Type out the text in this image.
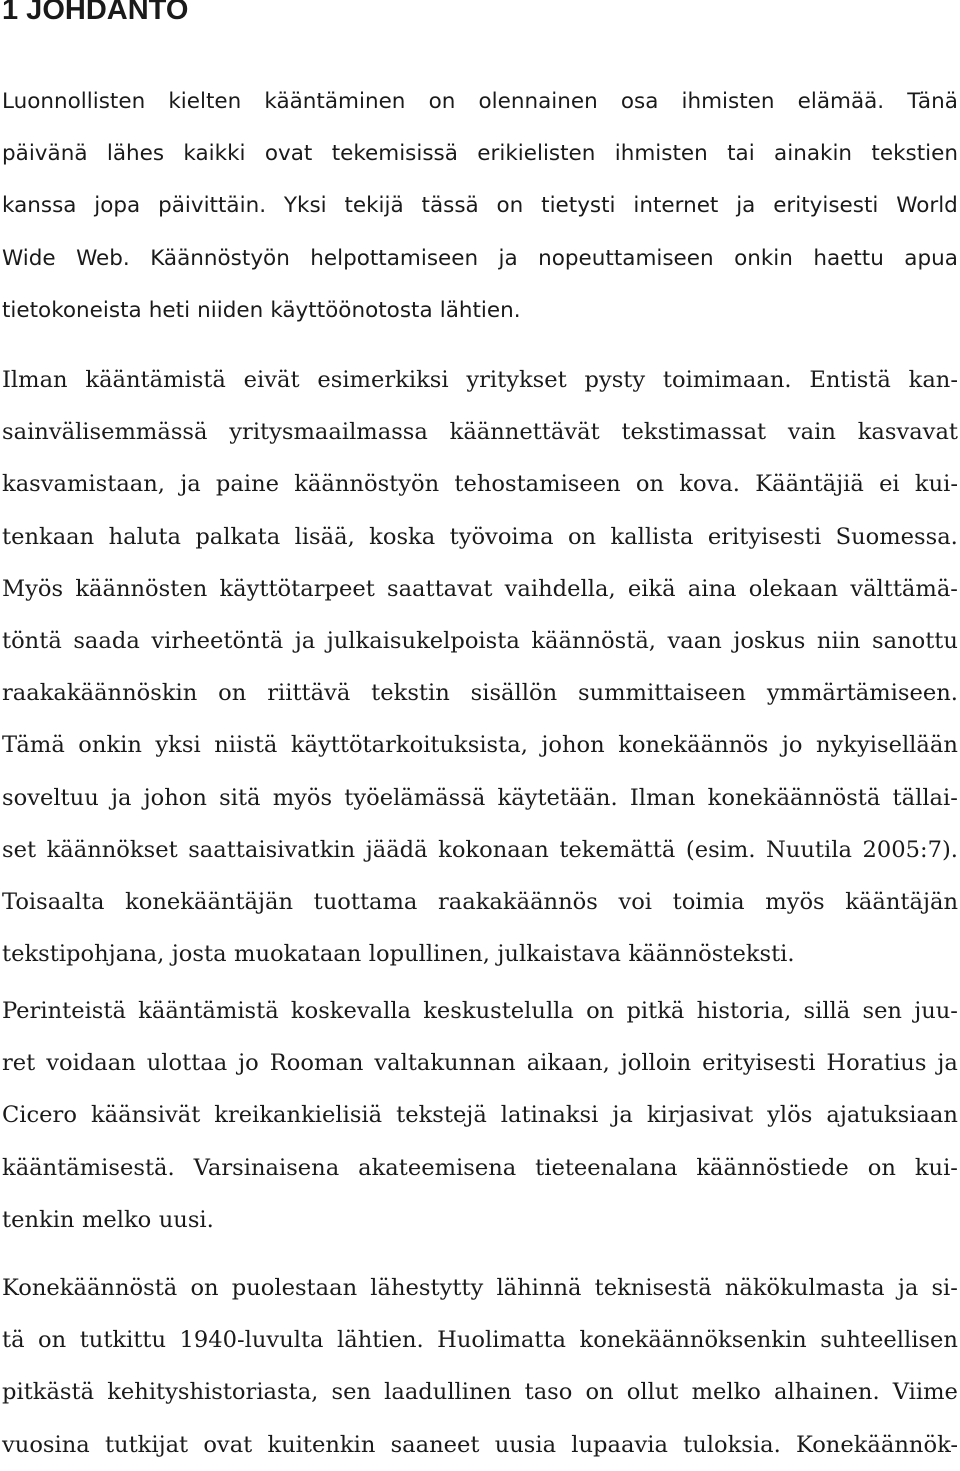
1 JOHDANTO
Luonnollisten kielten kääntäminen on olennainen osa ihmisten elämää. Tänä
päivänä lähes kaikki ovat tekemisissä erikielisten ihmisten tai ainakin tekstien
kanssa jopa päivittäin. Yksi tekijä tässä on tietysti internet ja erityisesti World
Wide Web. Käännöstyön helpottamiseen ja nopeuttamiseen onkin haettu apua
tietokoneista heti niiden käyttöönotosta lähtien.
Ilman kääntämistä eivät esimerkiksi yritykset pysty toimimaan. Entistä kan-
sainvälisemmässä yritysmaailmassa käännettävät tekstimassat vain kasvavat
kasvamistaan, ja paine käännöstyön tehostamiseen on kova. Kääntäjiä ei kui-
tenkaan haluta palkata lisää, koska työvoima on kallista erityisesti Suomessa.
Myös käännösten käyttötarpeet saattavat vaihdella, eikä aina olekaan välttämä-
töntä saada virheetöntä ja julkaisukelpoista käännöstä, vaan joskus niin sanottu
raakakäännöskin on riittävä tekstin sisällön summittaiseen ymmärtämiseen.
Tämä onkin yksi niistä käyttötarkoituksista, johon konekäännös jo nykyisellään
soveltuu ja johon sitä myös työelämässä käytetään. Ilman konekäännöstä tällai-
set käännökset saattaisivatkin jäädä kokonaan tekemättä (esim. Nuutila 2005:7).
Toisaalta konekääntäjän tuottama raakakäännös voi toimia myös kääntäjän
tekstipohjana, josta muokataan lopullinen, julkaistava käännösteksti.
Perinteistä kääntämistä koskevalla keskustelulla on pitkä historia, sillä sen juu-
ret voidaan ulottaa jo Rooman valtakunnan aikaan, jolloin erityisesti Horatius ja
Cicero käänsivät kreikankielisiä tekstejä latinaksi ja kirjasivat ylös ajatuksiaan
kääntämisestä. Varsinaisena akateemisena tieteenalana käännöstiede on kui-
tenkin melko uusi.
Konekäännöstä on puolestaan lähestytty lähinnä teknisestä näkökulmasta ja si-
tä on tutkittu 1940-luvulta lähtien. Huolimatta konekäännöksenkin suhteellisen
pitkästä kehityshistoriasta, sen laadullinen taso on ollut melko alhainen. Viime
vuosina tutkijat ovat kuitenkin saaneet uusia lupaavia tuloksia. Konekäännök-
